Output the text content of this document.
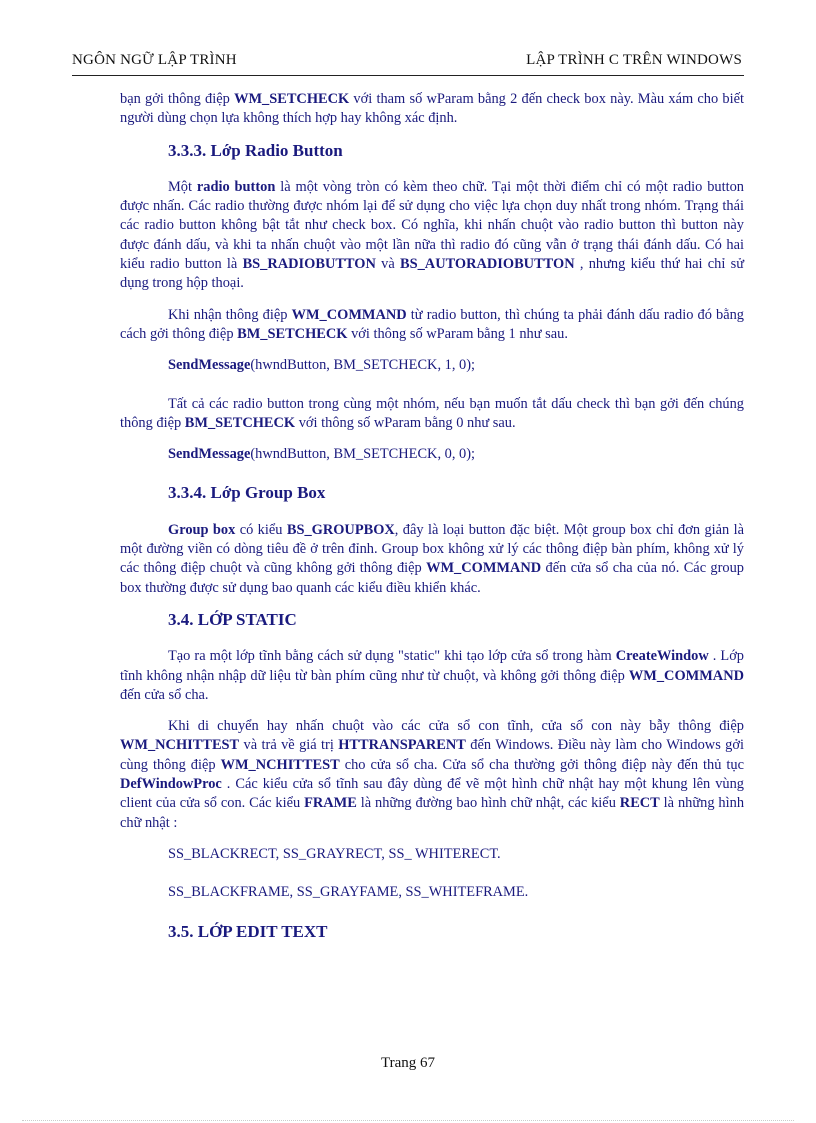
NGÔN NGỮ LẬP TRÌNH	LẬP TRÌNH C TRÊN WINDOWS

bạn gởi thông điệp WM_SETCHECK với tham số wParam bằng 2 đến check box này. Màu xám cho biết người dùng chọn lựa không thích hợp hay không xác định.

3.3.3. Lớp Radio Button

Một radio button là một vòng tròn có kèm theo chữ. Tại một thời điểm chỉ có một radio button được nhấn. Các radio thường được nhóm lại để sử dụng cho việc lựa chọn duy nhất trong nhóm. Trạng thái các radio button không bật tắt như check box. Có nghĩa, khi nhấn chuột vào radio button thì button này được đánh dấu, và khi ta nhấn chuột vào một lần nữa thì radio đó cũng vẫn ở trạng thái đánh dấu. Có hai kiểu radio button là BS_RADIOBUTTON và BS_AUTORADIOBUTTON , nhưng kiểu thứ hai chỉ sử dụng trong hộp thoại.

Khi nhận thông điệp WM_COMMAND từ radio button, thì chúng ta phải đánh dấu radio đó bằng cách gởi thông điệp BM_SETCHECK với thông số wParam bằng 1 như sau.

SendMessage(hwndButton, BM_SETCHECK, 1, 0);

Tất cả các radio button trong cùng một nhóm, nếu bạn muốn tắt dấu check thì bạn gởi đến chúng thông điệp BM_SETCHECK với thông số wParam bằng 0 như sau.

SendMessage(hwndButton, BM_SETCHECK, 0, 0);

3.3.4. Lớp Group Box

Group box có kiểu BS_GROUPBOX, đây là loại button đặc biệt. Một group box chỉ đơn giản là một đường viền có dòng tiêu đề ở trên đỉnh. Group box không xử lý các thông điệp bàn phím, không xử lý các thông điệp chuột và cũng không gởi thông điệp WM_COMMAND đến cửa sổ cha của nó. Các group box thường được sử dụng bao quanh các kiểu điều khiển khác.

3.4. LỚP STATIC

Tạo ra một lớp tĩnh bằng cách sử dụng "static" khi tạo lớp cửa sổ trong hàm CreateWindow . Lớp tĩnh không nhận nhập dữ liệu từ bàn phím cũng như từ chuột, và không gởi thông điệp WM_COMMAND đến cửa sổ cha.

Khi di chuyển hay nhấn chuột vào các cửa sổ con tĩnh, cửa sổ con này bẫy thông điệp WM_NCHITTEST và trả về giá trị HTTRANSPARENT đến Windows. Điều này làm cho Windows gởi cùng thông điệp WM_NCHITTEST cho cửa sổ cha. Cửa sổ cha thường gởi thông điệp này đến thủ tục DefWindowProc . Các kiểu cửa sổ tĩnh sau đây dùng để vẽ một hình chữ nhật hay một khung lên vùng client của cửa sổ con. Các kiểu FRAME là những đường bao hình chữ nhật, các kiểu RECT là những hình chữ nhật :

SS_BLACKRECT, SS_GRAYRECT, SS_ WHITERECT.

SS_BLACKFRAME, SS_GRAYFAME, SS_WHITEFRAME.

3.5. LỚP EDIT TEXT
Trang 67
